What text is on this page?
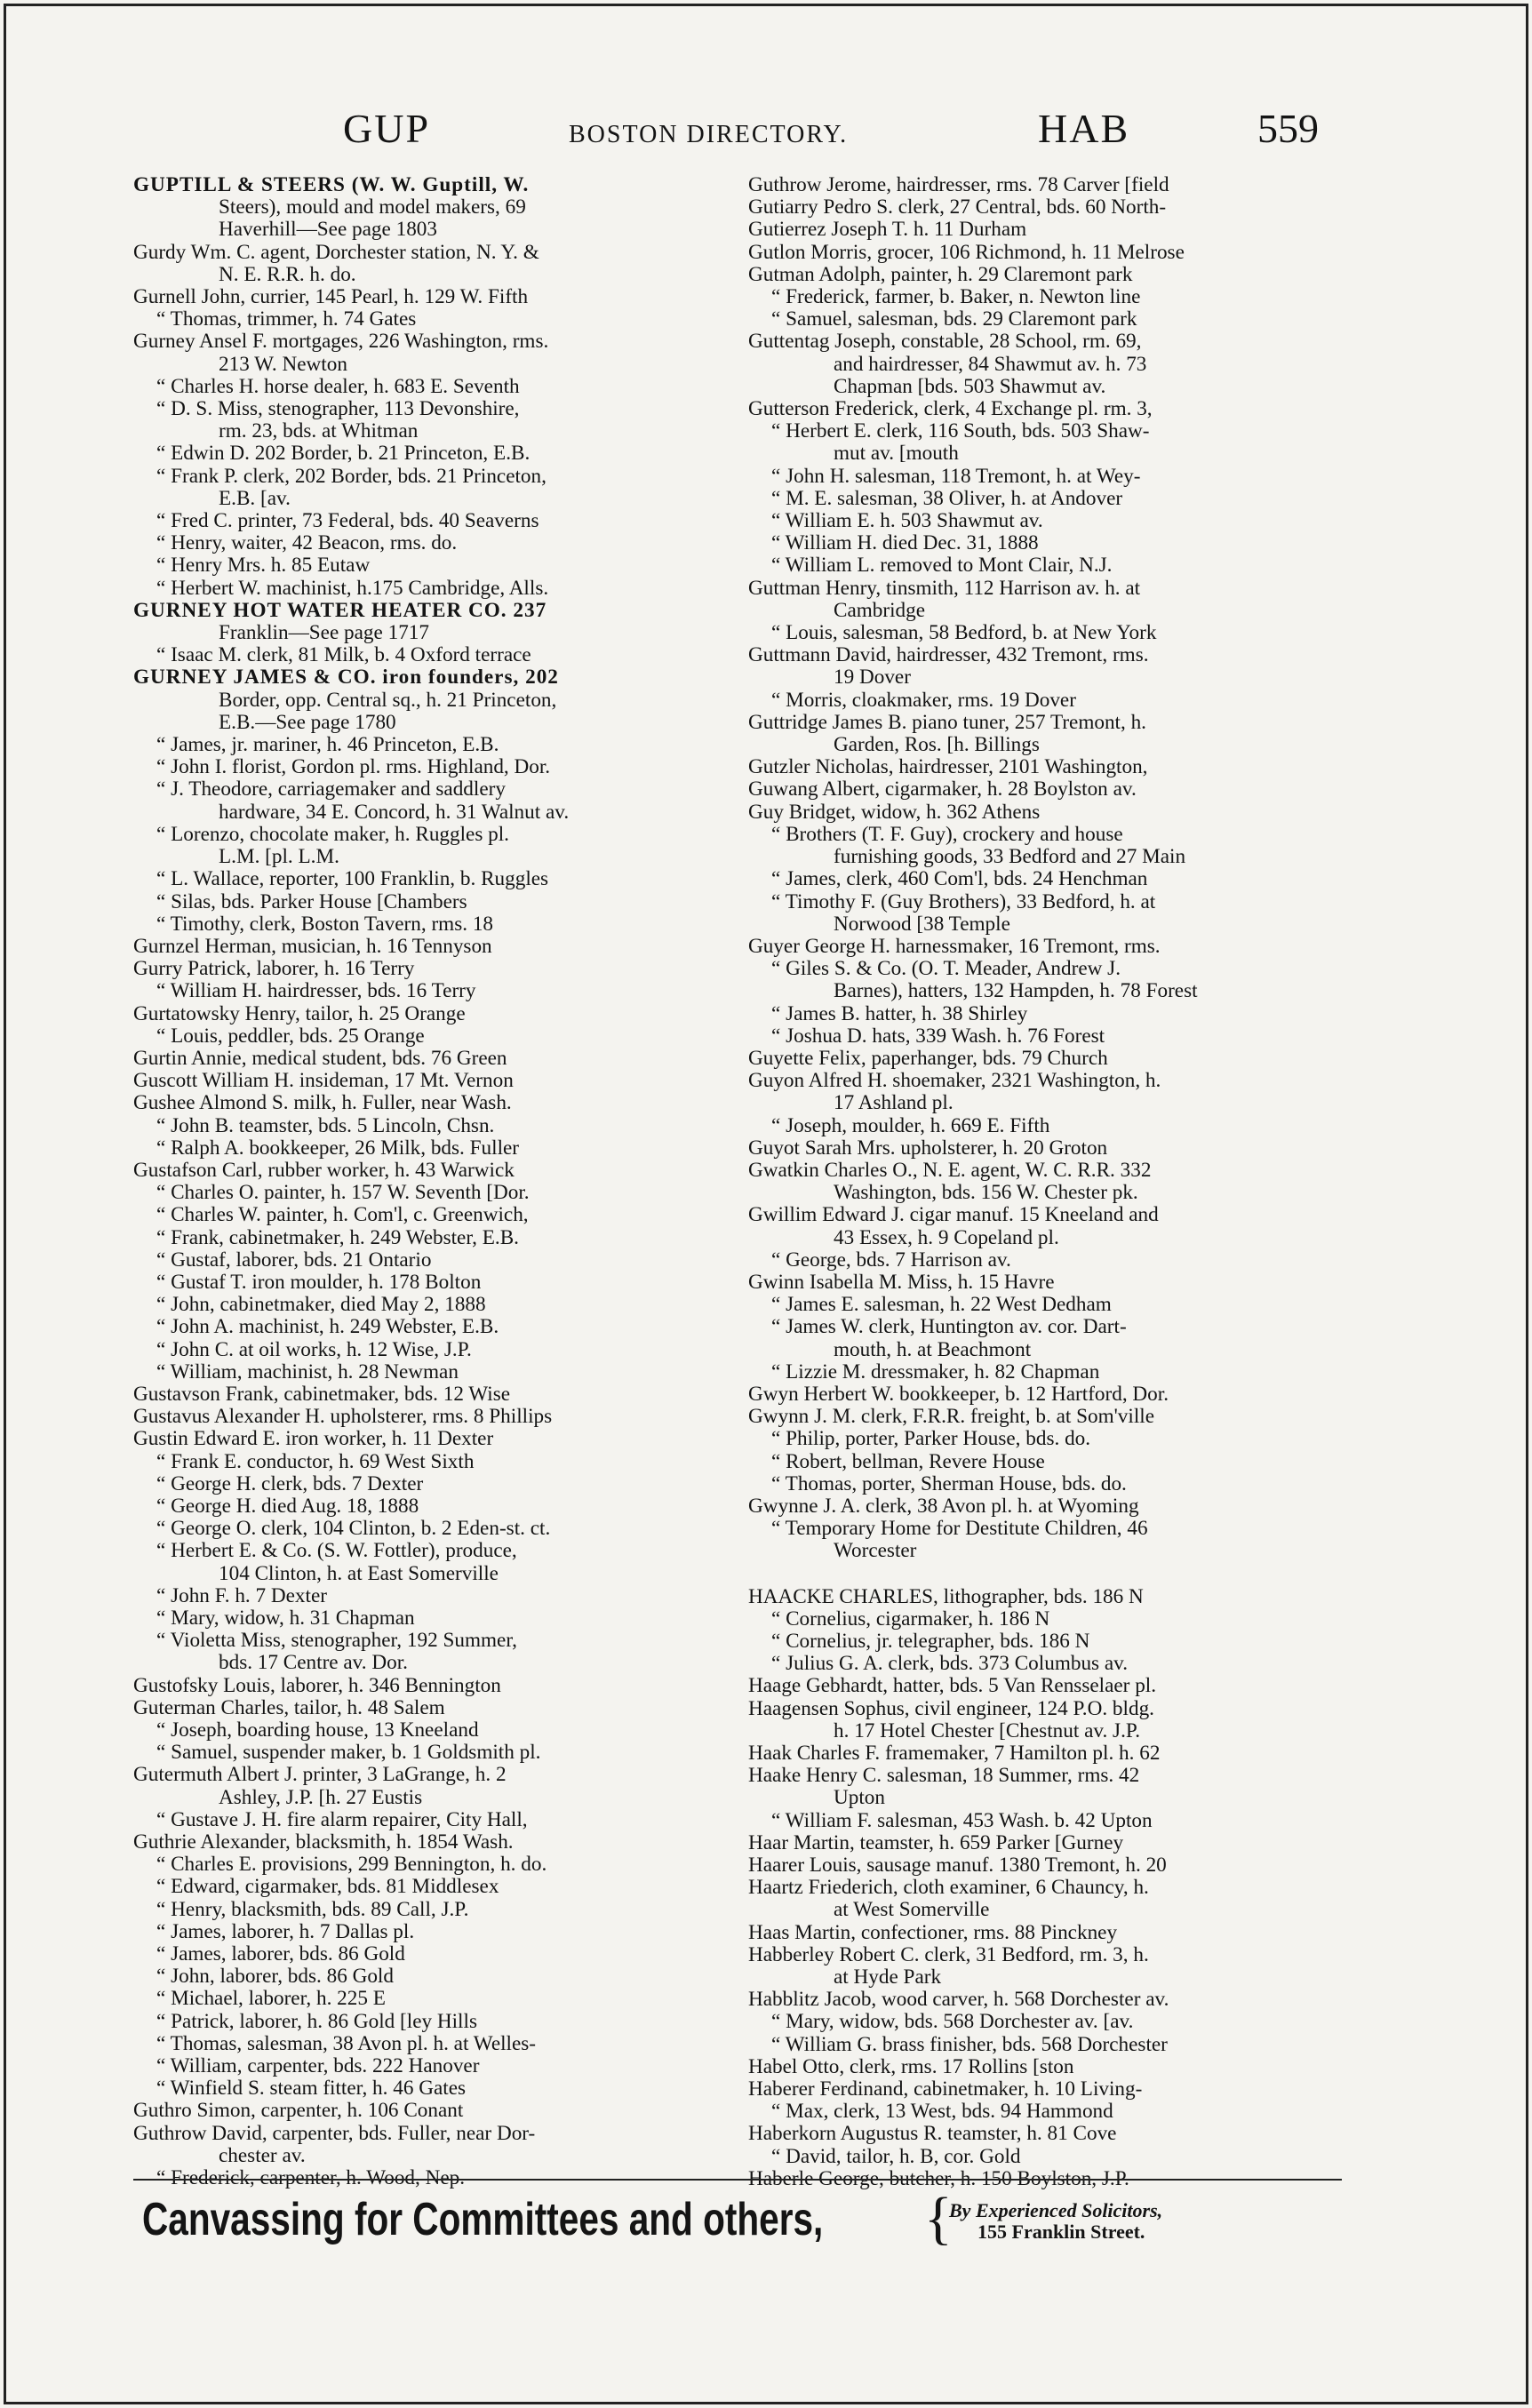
GUP	BOSTON DIRECTORY.	HAB	559
GUPTILL & STEERS (W. W. Guptill, W.
Steers), mould and model makers, 69
Haverhill—See page 1803
Gurdy Wm. C. agent, Dorchester station, N. Y. &
N. E. R.R. h. do.
Gurnell John, currier, 145 Pearl, h. 129 W. Fifth
“ Thomas, trimmer, h. 74 Gates
Gurney Ansel F. mortgages, 226 Washington, rms.
213 W. Newton
“ Charles H. horse dealer, h. 683 E. Seventh
“ D. S. Miss, stenographer, 113 Devonshire,
rm. 23, bds. at Whitman
“ Edwin D. 202 Border, b. 21 Princeton, E.B.
“ Frank P. clerk, 202 Border, bds. 21 Princeton,
E.B. [av.
“ Fred C. printer, 73 Federal, bds. 40 Seaverns
“ Henry, waiter, 42 Beacon, rms. do.
“ Henry Mrs. h. 85 Eutaw
“ Herbert W. machinist, h.175 Cambridge, Alls.
GURNEY HOT WATER HEATER CO. 237
Franklin—See page 1717
“ Isaac M. clerk, 81 Milk, b. 4 Oxford terrace
GURNEY JAMES & CO. iron founders, 202
Border, opp. Central sq., h. 21 Princeton,
E.B.—See page 1780
“ James, jr. mariner, h. 46 Princeton, E.B.
“ John I. florist, Gordon pl. rms. Highland, Dor.
“ J. Theodore, carriagemaker and saddlery
hardware, 34 E. Concord, h. 31 Walnut av.
“ Lorenzo, chocolate maker, h. Ruggles pl.
L.M. [pl. L.M.
“ L. Wallace, reporter, 100 Franklin, b. Ruggles
“ Silas, bds. Parker House [Chambers
“ Timothy, clerk, Boston Tavern, rms. 18
Gurnzel Herman, musician, h. 16 Tennyson
Gurry Patrick, laborer, h. 16 Terry
“ William H. hairdresser, bds. 16 Terry
Gurtatowsky Henry, tailor, h. 25 Orange
“ Louis, peddler, bds. 25 Orange
Gurtin Annie, medical student, bds. 76 Green
Guscott William H. insideman, 17 Mt. Vernon
Gushee Almond S. milk, h. Fuller, near Wash.
“ John B. teamster, bds. 5 Lincoln, Chsn.
“ Ralph A. bookkeeper, 26 Milk, bds. Fuller
Gustafson Carl, rubber worker, h. 43 Warwick
“ Charles O. painter, h. 157 W. Seventh [Dor.
“ Charles W. painter, h. Com'l, c. Greenwich,
“ Frank, cabinetmaker, h. 249 Webster, E.B.
“ Gustaf, laborer, bds. 21 Ontario
“ Gustaf T. iron moulder, h. 178 Bolton
“ John, cabinetmaker, died May 2, 1888
“ John A. machinist, h. 249 Webster, E.B.
“ John C. at oil works, h. 12 Wise, J.P.
“ William, machinist, h. 28 Newman
Gustavson Frank, cabinetmaker, bds. 12 Wise
Gustavus Alexander H. upholsterer, rms. 8 Phillips
Gustin Edward E. iron worker, h. 11 Dexter
“ Frank E. conductor, h. 69 West Sixth
“ George H. clerk, bds. 7 Dexter
“ George H. died Aug. 18, 1888
“ George O. clerk, 104 Clinton, b. 2 Eden-st. ct.
“ Herbert E. & Co. (S. W. Fottler), produce,
104 Clinton, h. at East Somerville
“ John F. h. 7 Dexter
“ Mary, widow, h. 31 Chapman
“ Violetta Miss, stenographer, 192 Summer,
bds. 17 Centre av. Dor.
Gustofsky Louis, laborer, h. 346 Bennington
Guterman Charles, tailor, h. 48 Salem
“ Joseph, boarding house, 13 Kneeland
“ Samuel, suspender maker, b. 1 Goldsmith pl.
Gutermuth Albert J. printer, 3 LaGrange, h. 2
Ashley, J.P. [h. 27 Eustis
“ Gustave J. H. fire alarm repairer, City Hall,
Guthrie Alexander, blacksmith, h. 1854 Wash.
“ Charles E. provisions, 299 Bennington, h. do.
“ Edward, cigarmaker, bds. 81 Middlesex
“ Henry, blacksmith, bds. 89 Call, J.P.
“ James, laborer, h. 7 Dallas pl.
“ James, laborer, bds. 86 Gold
“ John, laborer, bds. 86 Gold
“ Michael, laborer, h. 225 E
“ Patrick, laborer, h. 86 Gold [ley Hills
“ Thomas, salesman, 38 Avon pl. h. at Welles-
“ William, carpenter, bds. 222 Hanover
“ Winfield S. steam fitter, h. 46 Gates
Guthro Simon, carpenter, h. 106 Conant
Guthrow David, carpenter, bds. Fuller, near Dor-
chester av.
“ Frederick, carpenter, h. Wood, Nep.
Guthrow Jerome, hairdresser, rms. 78 Carver [field
Gutiarry Pedro S. clerk, 27 Central, bds. 60 North-
Gutierrez Joseph T. h. 11 Durham
Gutlon Morris, grocer, 106 Richmond, h. 11 Melrose
Gutman Adolph, painter, h. 29 Claremont park
“ Frederick, farmer, b. Baker, n. Newton line
“ Samuel, salesman, bds. 29 Claremont park
Guttentag Joseph, constable, 28 School, rm. 69,
and hairdresser, 84 Shawmut av. h. 73
Chapman [bds. 503 Shawmut av.
Gutterson Frederick, clerk, 4 Exchange pl. rm. 3,
“ Herbert E. clerk, 116 South, bds. 503 Shaw-
mut av. [mouth
“ John H. salesman, 118 Tremont, h. at Wey-
“ M. E. salesman, 38 Oliver, h. at Andover
“ William E. h. 503 Shawmut av.
“ William H. died Dec. 31, 1888
“ William L. removed to Mont Clair, N.J.
Guttman Henry, tinsmith, 112 Harrison av. h. at
Cambridge
“ Louis, salesman, 58 Bedford, b. at New York
Guttmann David, hairdresser, 432 Tremont, rms.
19 Dover
“ Morris, cloakmaker, rms. 19 Dover
Guttridge James B. piano tuner, 257 Tremont, h.
Garden, Ros. [h. Billings
Gutzler Nicholas, hairdresser, 2101 Washington,
Guwang Albert, cigarmaker, h. 28 Boylston av.
Guy Bridget, widow, h. 362 Athens
“ Brothers (T. F. Guy), crockery and house
furnishing goods, 33 Bedford and 27 Main
“ James, clerk, 460 Com'l, bds. 24 Henchman
“ Timothy F. (Guy Brothers), 33 Bedford, h. at
Norwood [38 Temple
Guyer George H. harnessmaker, 16 Tremont, rms.
“ Giles S. & Co. (O. T. Meader, Andrew J.
Barnes), hatters, 132 Hampden, h. 78 Forest
“ James B. hatter, h. 38 Shirley
“ Joshua D. hats, 339 Wash. h. 76 Forest
Guyette Felix, paperhanger, bds. 79 Church
Guyon Alfred H. shoemaker, 2321 Washington, h.
17 Ashland pl.
“ Joseph, moulder, h. 669 E. Fifth
Guyot Sarah Mrs. upholsterer, h. 20 Groton
Gwatkin Charles O., N. E. agent, W. C. R.R. 332
Washington, bds. 156 W. Chester pk.
Gwillim Edward J. cigar manuf. 15 Kneeland and
43 Essex, h. 9 Copeland pl.
“ George, bds. 7 Harrison av.
Gwinn Isabella M. Miss, h. 15 Havre
“ James E. salesman, h. 22 West Dedham
“ James W. clerk, Huntington av. cor. Dart-
mouth, h. at Beachmont
“ Lizzie M. dressmaker, h. 82 Chapman
Gwyn Herbert W. bookkeeper, b. 12 Hartford, Dor.
Gwynn J. M. clerk, F.R.R. freight, b. at Som'ville
“ Philip, porter, Parker House, bds. do.
“ Robert, bellman, Revere House
“ Thomas, porter, Sherman House, bds. do.
Gwynne J. A. clerk, 38 Avon pl. h. at Wyoming
“ Temporary Home for Destitute Children, 46
Worcester
HAACKE CHARLES, lithographer, bds. 186 N
“ Cornelius, cigarmaker, h. 186 N
“ Cornelius, jr. telegrapher, bds. 186 N
“ Julius G. A. clerk, bds. 373 Columbus av.
Haage Gebhardt, hatter, bds. 5 Van Rensselaer pl.
Haagensen Sophus, civil engineer, 124 P.O. bldg.
h. 17 Hotel Chester [Chestnut av. J.P.
Haak Charles F. framemaker, 7 Hamilton pl. h. 62
Haake Henry C. salesman, 18 Summer, rms. 42
Upton
“ William F. salesman, 453 Wash. b. 42 Upton
Haar Martin, teamster, h. 659 Parker [Gurney
Haarer Louis, sausage manuf. 1380 Tremont, h. 20
Haartz Friederich, cloth examiner, 6 Chauncy, h.
at West Somerville
Haas Martin, confectioner, rms. 88 Pinckney
Habberley Robert C. clerk, 31 Bedford, rm. 3, h.
at Hyde Park
Habblitz Jacob, wood carver, h. 568 Dorchester av.
“ Mary, widow, bds. 568 Dorchester av. [av.
“ William G. brass finisher, bds. 568 Dorchester
Habel Otto, clerk, rms. 17 Rollins [ston
Haberer Ferdinand, cabinetmaker, h. 10 Living-
“ Max, clerk, 13 West, bds. 94 Hammond
Haberkorn Augustus R. teamster, h. 81 Cove
“ David, tailor, h. B, cor. Gold
Haberle George, butcher, h. 150 Boylston, J.P.
Canvassing for Committees and others, {
By Experienced Solicitors,
155 Franklin Street.
